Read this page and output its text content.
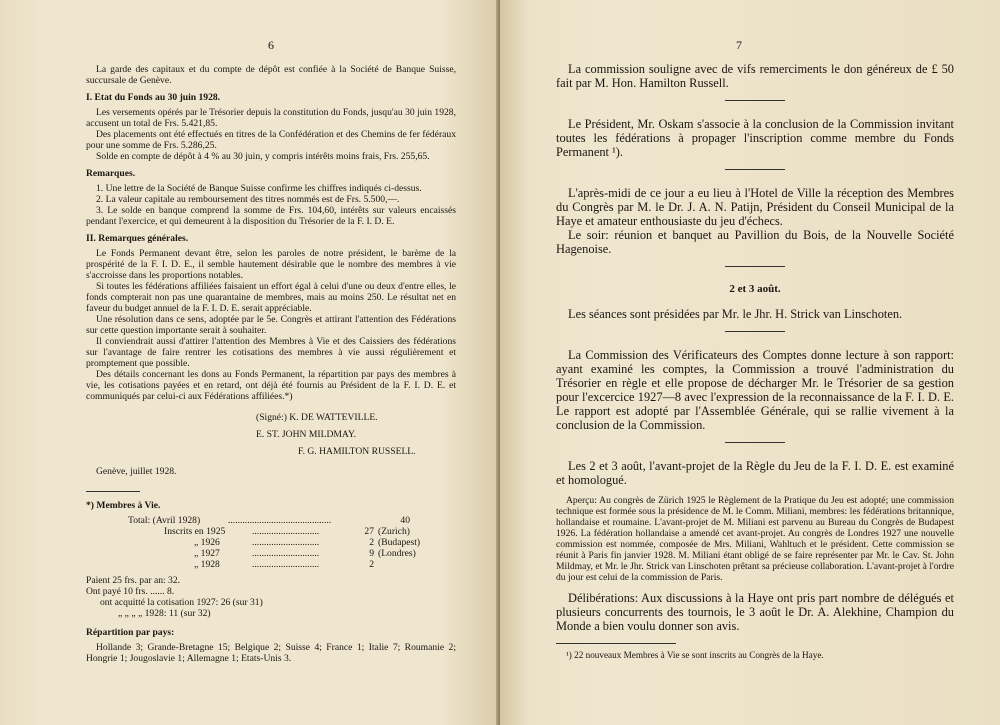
6

La garde des capitaux et du compte de dépôt est confiée à la Société de Banque Suisse, succursale de Genève.

I. Etat du Fonds au 30 juin 1928.

Les versements opérés par le Trésorier depuis la constitution du Fonds, jusqu'au 30 juin 1928, accusent un total de Frs. 5.421,85.

Des placements ont été effectués en titres de la Confédération et des Chemins de fer fédéraux pour une somme de Frs. 5.286,25.

Solde en compte de dépôt à 4 % au 30 juin, y compris intérêts moins frais, Frs. 255,65.

Remarques.

1. Une lettre de la Société de Banque Suisse confirme les chiffres indiqués ci-dessus.

2. La valeur capitale au remboursement des titres nommés est de Frs. 5.500,—.

3. Le solde en banque comprend la somme de Frs. 104,60, intérêts sur valeurs encaissés pendant l'exercice, et qui demeurent à la disposition du Trésorier de la F. I. D. E.

II. Remarques générales.

Le Fonds Permanent devant être, selon les paroles de notre président, le barème de la prospérité de la F. I. D. E., il semble hautement désirable que le nombre des membres à vie s'accroisse dans les proportions notables.

Si toutes les fédérations affiliées faisaient un effort égal à celui d'une ou deux d'entre elles, le fonds compterait non pas une quarantaine de membres, mais au moins 250. Le résultat net en faveur du budget annuel de la F. I. D. E. serait appréciable.

Une résolution dans ce sens, adoptée par le 5e. Congrès et attirant l'attention des Fédérations sur cette question importante serait à souhaiter.

Il conviendrait aussi d'attirer l'attention des Membres à Vie et des Caissiers des fédérations sur l'avantage de faire rentrer les cotisations des membres à vie aussi régulièrement et promptement que possible.

Des détails concernant les dons au Fonds Permanent, la répartition par pays des membres à vie, les cotisations payées et en retard, ont déjà été fournis au Président de la F. I. D. E. et communiqués par celui-ci aux Fédérations affiliées.*)

(Signé:) K. DE WATTEVILLE.
E. ST. JOHN MILDMAY.
F. G. HAMILTON RUSSELL.

Genève, juillet 1928.

*) Membres à Vie.

Total: (Avril 1928)	...........................................	40
Inscrits en 1925	............................	27 (Zurich)
„ 1926	............................	2 (Budapest)
„ 1927	............................	9 (Londres)
„ 1928	............................	2
Paient 25 frs. par an: 32.
Ont payé 10 frs. ...... 8.
ont acquitté la cotisation 1927: 26 (sur 31)
„ „ „ „ 1928: 11 (sur 32)

Répartition par pays:

Hollande 3; Grande-Bretagne 15; Belgique 2; Suisse 4; France 1; Italie 7; Roumanie 2; Hongrie 1; Jougoslavie 1; Allemagne 1; Etats-Unis 3.

7

La commission souligne avec de vifs remerciments le don généreux de £ 50 fait par M. Hon. Hamilton Russell.

Le Président, Mr. Oskam s'associe à la conclusion de la Commission invitant toutes les fédérations à propager l'inscription comme membre du Fonds Permanent ¹).

L'après-midi de ce jour a eu lieu à l'Hotel de Ville la réception des Membres du Congrès par M. le Dr. J. A. N. Patijn, Président du Conseil Municipal de la Haye et amateur enthousiaste du jeu d'échecs.

Le soir: réunion et banquet au Pavillion du Bois, de la Nouvelle Société Hagenoise.

2 et 3 août.

Les séances sont présidées par Mr. le Jhr. H. Strick van Linschoten.

La Commission des Vérificateurs des Comptes donne lecture à son rapport: ayant examiné les comptes, la Commission a trouvé l'administration du Trésorier en règle et elle propose de décharger Mr. le Trésorier de sa gestion pour l'excercice 1927—8 avec l'expression de la reconnaissance de la F. I. D. E. Le rapport est adopté par l'Assemblée Générale, qui se rallie vivement à la conclusion de la Commission.

Les 2 et 3 août, l'avant-projet de la Règle du Jeu de la F. I. D. E. est examiné et homologué.

Aperçu: Au congrès de Zürich 1925 le Règlement de la Pratique du Jeu est adopté; une commission technique est formée sous la présidence de M. le Comm. Miliani, membres: les fédérations britannique, hollandaise et roumaine. L'avant-projet de M. Miliani est parvenu au Bureau du Congrès de Budapest 1926. La fédération hollandaise a amendé cet avant-projet. Au congrès de Londres 1927 une nouvelle commission est nommée, composée de Mrs. Miliani, Wahltuch et le président. Cette commission se réunit à Paris fin janvier 1928. M. Miliani étant obligé de se faire représenter par Mr. le Cav. St. John Mildmay, et Mr. le Jhr. Strick van Linschoten prêtant sa précieuse collaboration. L'avant-projet à l'ordre du jour est celui de la commission de Paris.

Délibérations: Aux discussions à la Haye ont pris part nombre de délégués et plusieurs concurrents des tournois, le 3 août le Dr. A. Alekhine, Champion du Monde a bien voulu donner son avis.

¹) 22 nouveaux Membres à Vie se sont inscrits au Congrès de la Haye.
